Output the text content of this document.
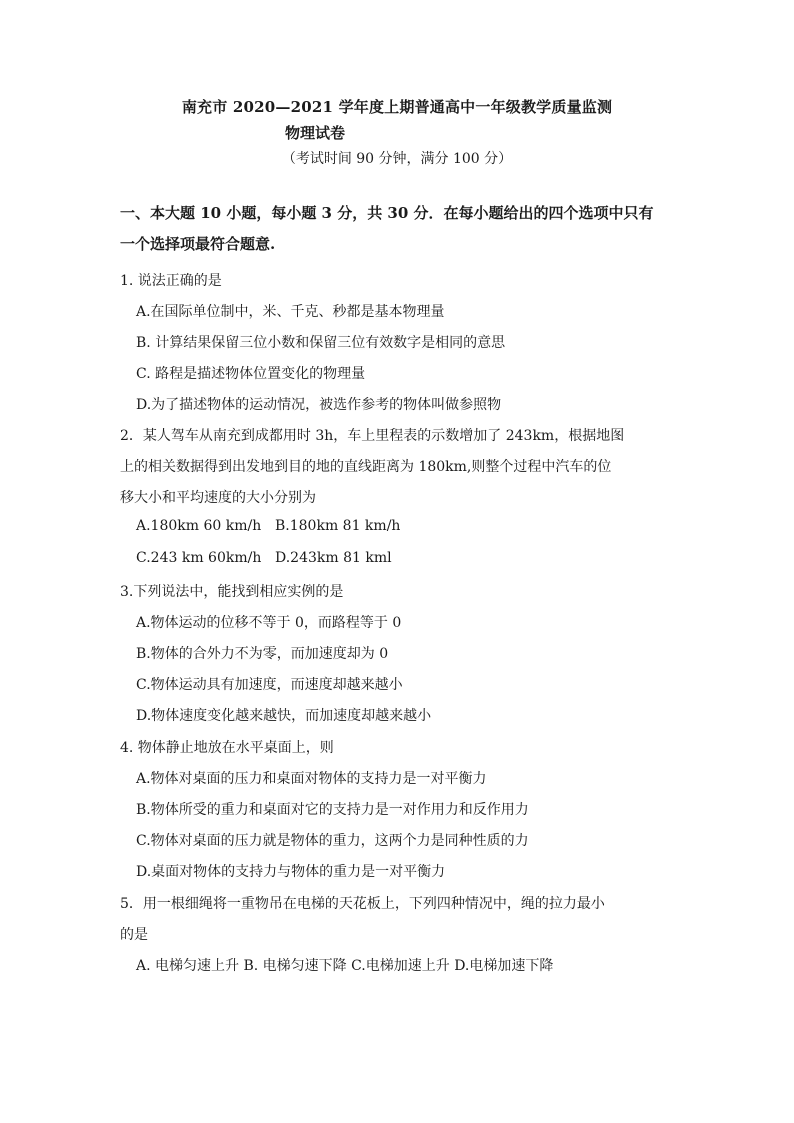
南充市 2020—2021 学年度上期普通高中一年级教学质量监测
物理试卷
（考试时间 90 分钟，满分 100 分）
一、本大题 10 小题，每小题 3 分，共 30 分．在每小题给出的四个选项中只有
一个选择项最符合题意.
1. 说法正确的是
A.在国际单位制中，米、千克、秒都是基本物理量
B. 计算结果保留三位小数和保留三位有效数字是相同的意思
C. 路程是描述物体位置变化的物理量
D.为了描述物体的运动情况，被选作参考的物体叫做参照物
2．某人驾车从南充到成都用时 3h，车上里程表的示数增加了 243km，根据地图
上的相关数据得到出发地到目的地的直线距离为 180km,则整个过程中汽车的位
移大小和平均速度的大小分别为
A.180km 60 km/h B.180km 81 km/h
C.243 km 60km/h D.243km 81 kml
3.下列说法中，能找到相应实例的是
A.物体运动的位移不等于 0，而路程等于 0
B.物体的合外力不为零，而加速度却为 0
C.物体运动具有加速度，而速度却越来越小
D.物体速度变化越来越快，而加速度却越来越小
4. 物体静止地放在水平桌面上，则
A.物体对桌面的压力和桌面对物体的支持力是一对平衡力
B.物体所受的重力和桌面对它的支持力是一对作用力和反作用力
C.物体对桌面的压力就是物体的重力，这两个力是同种性质的力
D.桌面对物体的支持力与物体的重力是一对平衡力
5．用一根细绳将一重物吊在电梯的天花板上，下列四种情况中，绳的拉力最小
的是
A. 电梯匀速上升 B. 电梯匀速下降 C.电梯加速上升 D.电梯加速下降
